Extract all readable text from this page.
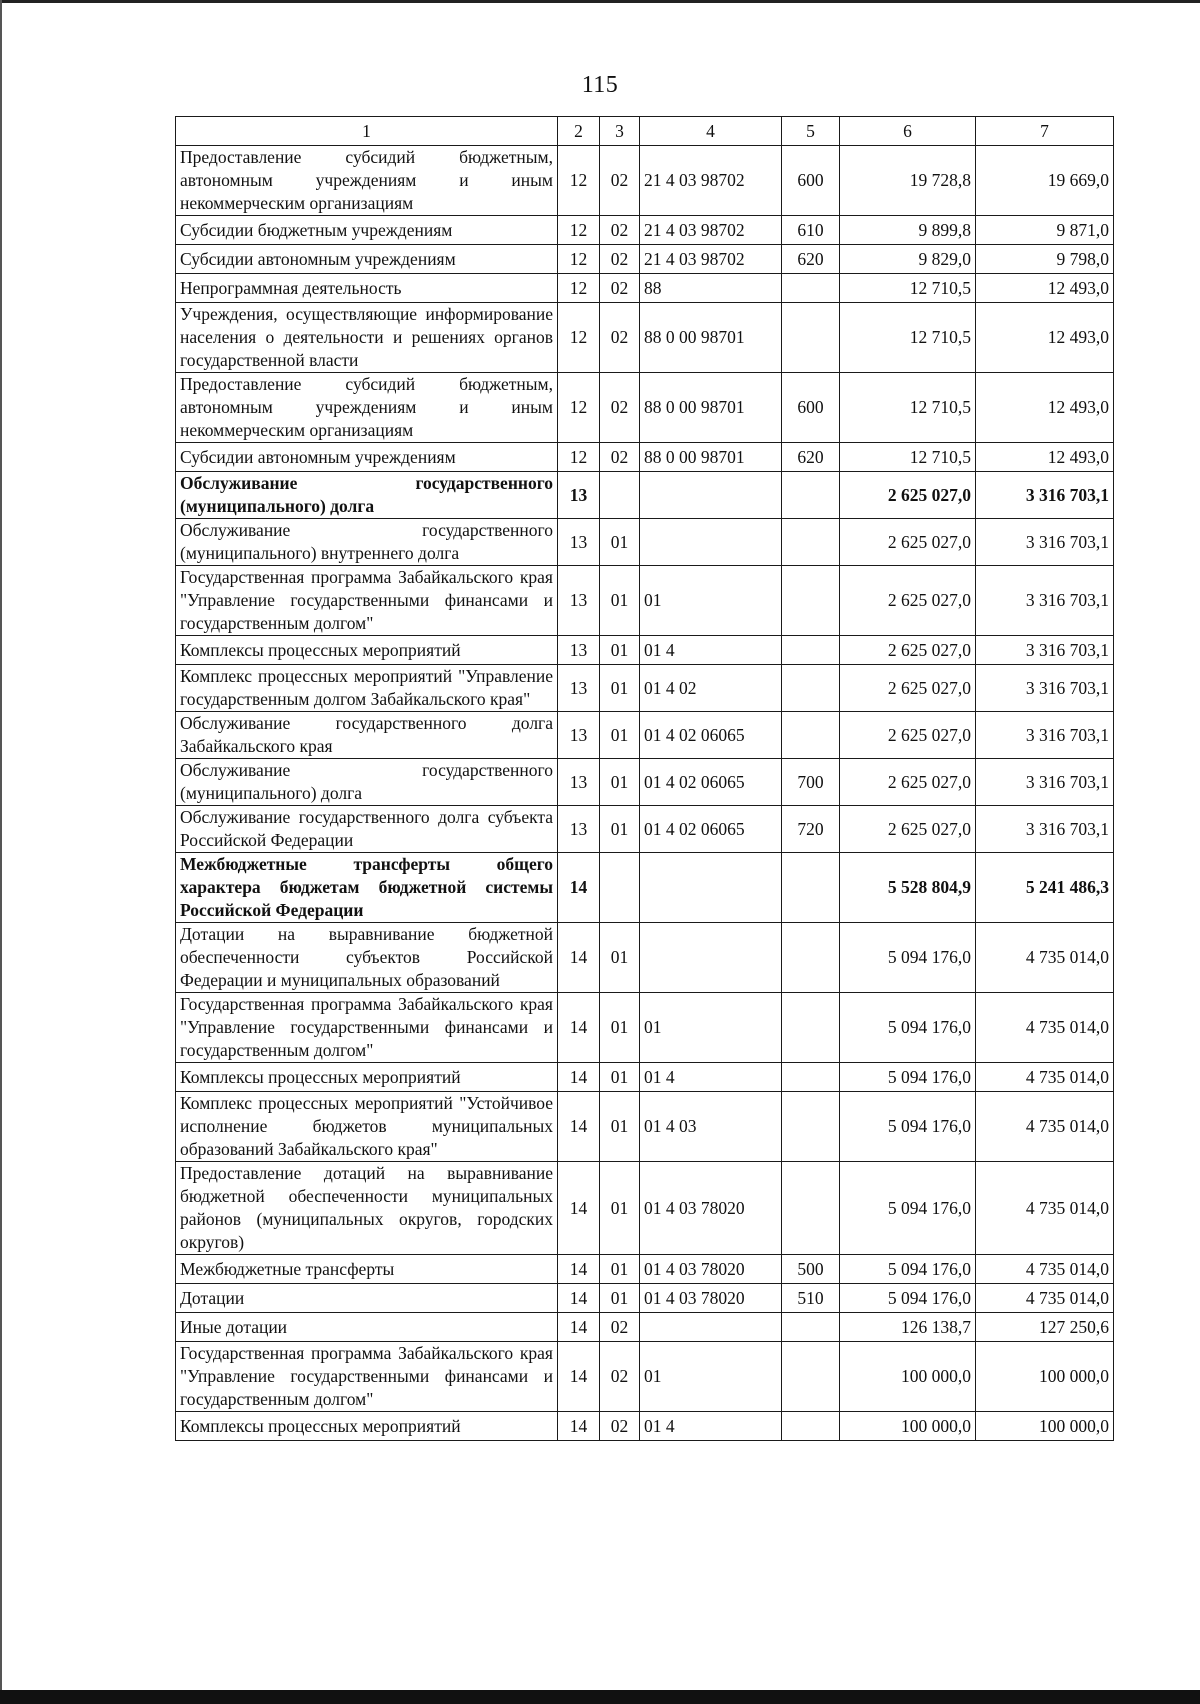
115
1	2	3	4	5	6	7
Предоставление субсидий бюджетным, автономным учреждениям и иным некоммерческим организациям	12	02	21 4 03 98702	600	19 728,8	19 669,0
Субсидии бюджетным учреждениям	12	02	21 4 03 98702	610	9 899,8	9 871,0
Субсидии автономным учреждениям	12	02	21 4 03 98702	620	9 829,0	9 798,0
Непрограммная деятельность	12	02	88		12 710,5	12 493,0
Учреждения, осуществляющие информирование населения о деятельности и решениях органов государственной власти	12	02	88 0 00 98701		12 710,5	12 493,0
Предоставление субсидий бюджетным, автономным учреждениям и иным некоммерческим организациям	12	02	88 0 00 98701	600	12 710,5	12 493,0
Субсидии автономным учреждениям	12	02	88 0 00 98701	620	12 710,5	12 493,0
Обслуживание государственного (муниципального) долга	13				2 625 027,0	3 316 703,1
Обслуживание государственного (муниципального) внутреннего долга	13	01			2 625 027,0	3 316 703,1
Государственная программа Забайкальского края "Управление государственными финансами и государственным долгом"	13	01	01		2 625 027,0	3 316 703,1
Комплексы процессных мероприятий	13	01	01 4		2 625 027,0	3 316 703,1
Комплекс процессных мероприятий "Управление государственным долгом Забайкальского края"	13	01	01 4 02		2 625 027,0	3 316 703,1
Обслуживание государственного долга Забайкальского края	13	01	01 4 02 06065		2 625 027,0	3 316 703,1
Обслуживание государственного (муниципального) долга	13	01	01 4 02 06065	700	2 625 027,0	3 316 703,1
Обслуживание государственного долга субъекта Российской Федерации	13	01	01 4 02 06065	720	2 625 027,0	3 316 703,1
Межбюджетные трансферты общего характера бюджетам бюджетной системы Российской Федерации	14				5 528 804,9	5 241 486,3
Дотации на выравнивание бюджетной обеспеченности субъектов Российской Федерации и муниципальных образований	14	01			5 094 176,0	4 735 014,0
Государственная программа Забайкальского края "Управление государственными финансами и государственным долгом"	14	01	01		5 094 176,0	4 735 014,0
Комплексы процессных мероприятий	14	01	01 4		5 094 176,0	4 735 014,0
Комплекс процессных мероприятий "Устойчивое исполнение бюджетов муниципальных образований Забайкальского края"	14	01	01 4 03		5 094 176,0	4 735 014,0
Предоставление дотаций на выравнивание бюджетной обеспеченности муниципальных районов (муниципальных округов, городских округов)	14	01	01 4 03 78020		5 094 176,0	4 735 014,0
Межбюджетные трансферты	14	01	01 4 03 78020	500	5 094 176,0	4 735 014,0
Дотации	14	01	01 4 03 78020	510	5 094 176,0	4 735 014,0
Иные дотации	14	02			126 138,7	127 250,6
Государственная программа Забайкальского края "Управление государственными финансами и государственным долгом"	14	02	01		100 000,0	100 000,0
Комплексы процессных мероприятий	14	02	01 4		100 000,0	100 000,0
